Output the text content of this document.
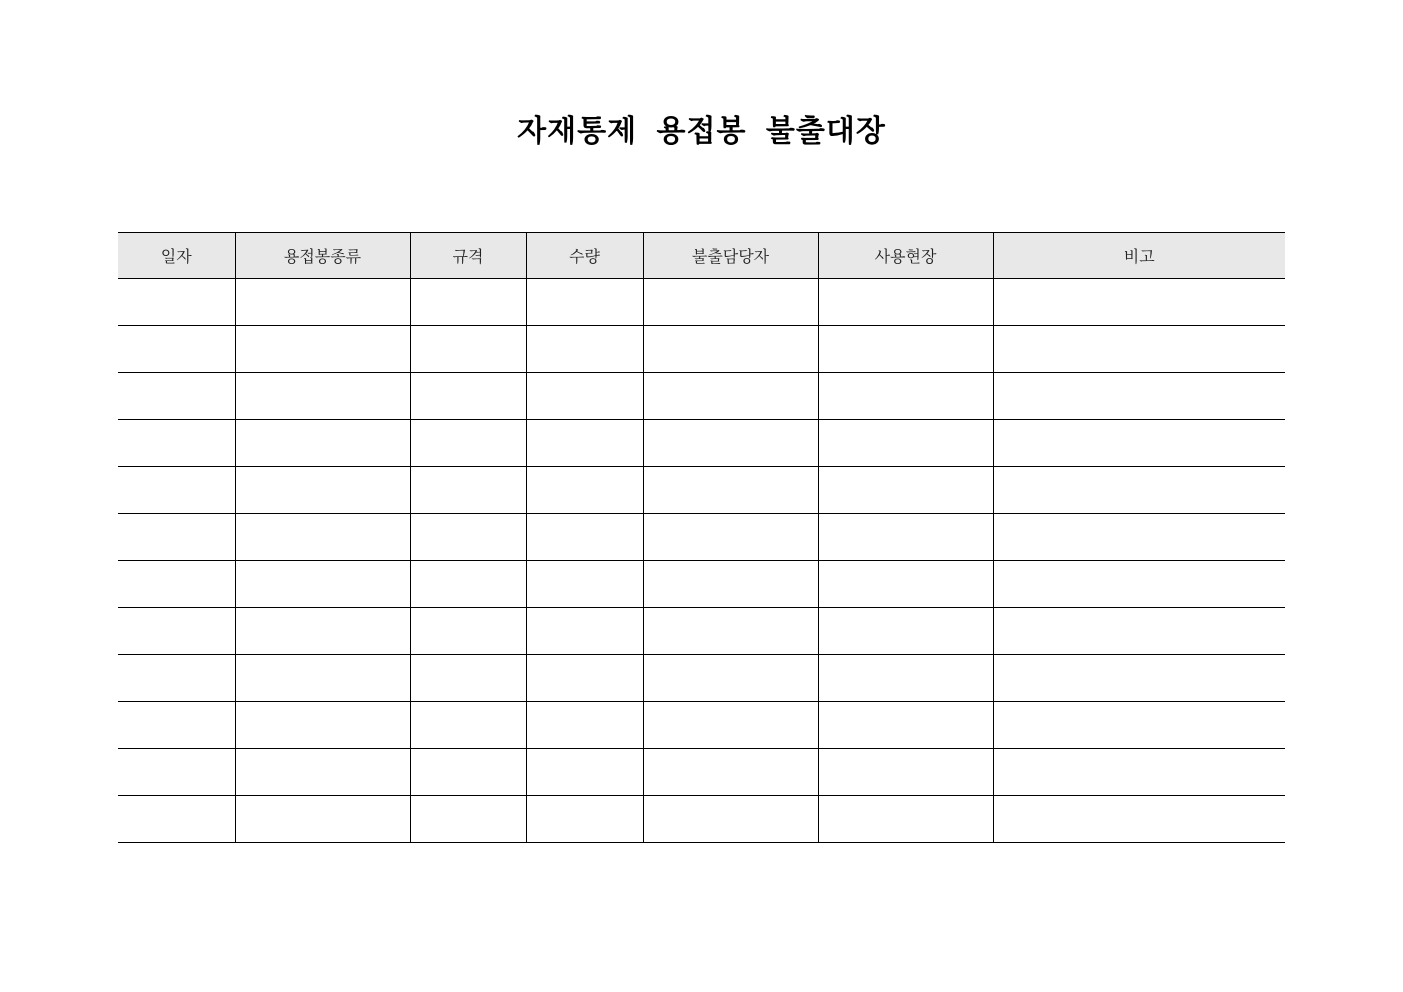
자재통제 용접봉 불출대장
일자	용접봉종류	규격	수량	불출담당자	사용현장	비고
